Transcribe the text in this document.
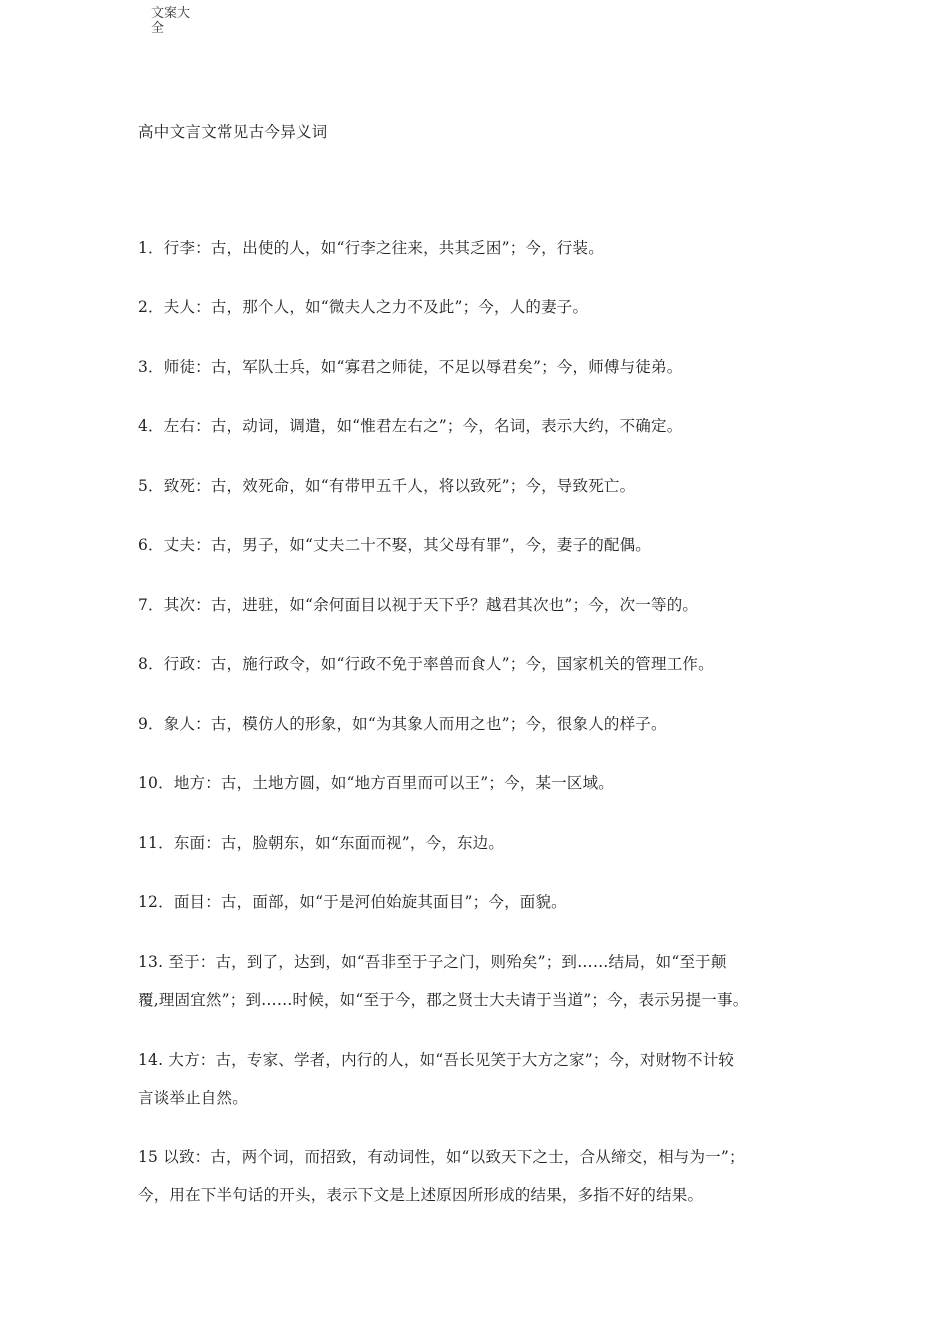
文案大全
高中文言文常见古今异义词
1．行李：古，出使的人，如“行李之往来，共其乏困”；今，行装。
2．夫人：古，那个人，如“微夫人之力不及此”；今，人的妻子。
3．师徒：古，军队士兵，如“寡君之师徒，不足以辱君矣”；今，师傅与徒弟。
4．左右：古，动词，调遣，如“惟君左右之”；今，名词，表示大约，不确定。
5．致死：古，效死命，如“有带甲五千人，将以致死”；今，导致死亡。
6．丈夫：古，男子，如“丈夫二十不娶，其父母有罪”，今，妻子的配偶。
7．其次：古，进驻，如“余何面目以视于天下乎？越君其次也”；今，次一等的。
8．行政：古，施行政令，如“行政不免于率兽而食人”；今，国家机关的管理工作。
9．象人：古，模仿人的形象，如“为其象人而用之也”；今，很象人的样子。
10．地方：古，土地方圆，如“地方百里而可以王”；今，某一区域。
11．东面：古，脸朝东，如“东面而视”，今，东边。
12．面目：古，面部，如“于是河伯始旋其面目”；今，面貌。
13. 至于：古，到了，达到，如“吾非至于子之门，则殆矣”；到……结局，如“至于颠
覆,理固宜然”；到……时候，如“至于今，郡之贤士大夫请于当道”；今，表示另提一事。
14. 大方：古，专家、学者，内行的人，如“吾长见笑于大方之家”；今，对财物不计较
言谈举止自然。
15 以致：古，两个词，而招致，有动词性，如“以致天下之士，合从缔交，相与为一”；
今，用在下半句话的开头，表示下文是上述原因所形成的结果，多指不好的结果。
